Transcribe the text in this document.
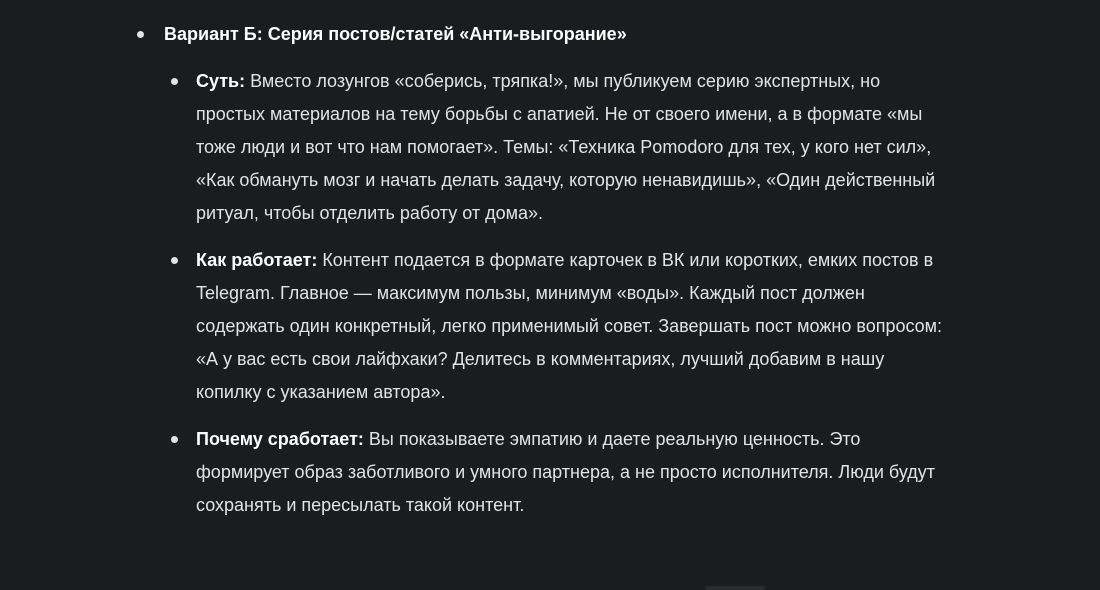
Вариант Б: Серия постов/статей «Анти-выгорание»
Суть: Вместо лозунгов «соберись, тряпка!», мы публикуем серию экспертных, но простых материалов на тему борьбы с апатией. Не от своего имени, а в формате «мы тоже люди и вот что нам помогает». Темы: «Техника Pomodoro для тех, у кого нет сил», «Как обмануть мозг и начать делать задачу, которую ненавидишь», «Один действенный ритуал, чтобы отделить работу от дома».
Как работает: Контент подается в формате карточек в ВК или коротких, емких постов в Telegram. Главное — максимум пользы, минимум «воды». Каждый пост должен содержать один конкретный, легко применимый совет. Завершать пост можно вопросом: «А у вас есть свои лайфхаки? Делитесь в комментариях, лучший добавим в нашу копилку с указанием автора».
Почему сработает: Вы показываете эмпатию и даете реальную ценность. Это формирует образ заботливого и умного партнера, а не просто исполнителя. Люди будут сохранять и пересылать такой контент.
